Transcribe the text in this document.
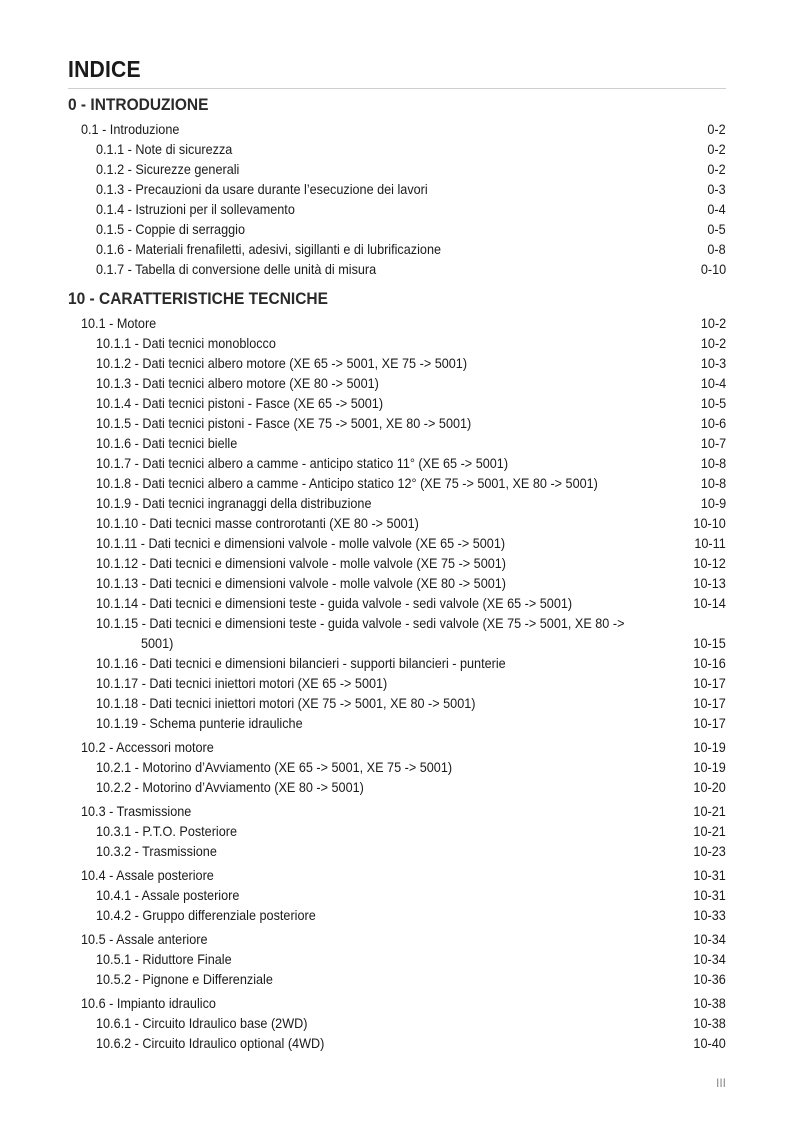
INDICE
0 - INTRODUZIONE
0.1 - Introduzione	0-2
0.1.1 - Note di sicurezza	0-2
0.1.2 - Sicurezze generali	0-2
0.1.3 - Precauzioni da usare durante l’esecuzione dei lavori	0-3
0.1.4 - Istruzioni per il sollevamento	0-4
0.1.5 - Coppie di serraggio	0-5
0.1.6 - Materiali frenafiletti, adesivi, sigillanti e di lubrificazione	0-8
0.1.7 - Tabella di conversione delle unità di misura	0-10
10 - CARATTERISTICHE TECNICHE
10.1 - Motore	10-2
10.1.1 - Dati tecnici monoblocco	10-2
10.1.2 - Dati tecnici albero motore (XE 65 -> 5001, XE 75 -> 5001)	10-3
10.1.3 - Dati tecnici albero motore (XE 80 -> 5001)	10-4
10.1.4 - Dati tecnici pistoni - Fasce (XE 65 -> 5001)	10-5
10.1.5 - Dati tecnici pistoni - Fasce (XE 75 -> 5001, XE 80 -> 5001)	10-6
10.1.6 - Dati tecnici bielle	10-7
10.1.7 - Dati tecnici albero a camme - anticipo statico 11° (XE 65 -> 5001)	10-8
10.1.8 - Dati tecnici albero a camme - Anticipo statico 12° (XE 75 -> 5001, XE 80 -> 5001)	10-8
10.1.9 - Dati tecnici ingranaggi della distribuzione	10-9
10.1.10 - Dati tecnici masse controrotanti (XE 80 -> 5001)	10-10
10.1.11 - Dati tecnici e dimensioni valvole - molle valvole (XE 65 -> 5001)	10-11
10.1.12 - Dati tecnici e dimensioni valvole - molle valvole (XE 75 -> 5001)	10-12
10.1.13 - Dati tecnici e dimensioni valvole - molle valvole (XE 80 -> 5001)	10-13
10.1.14 - Dati tecnici e dimensioni teste - guida valvole - sedi valvole (XE 65 -> 5001)	10-14
10.1.15 - Dati tecnici e dimensioni teste - guida valvole - sedi valvole (XE 75 -> 5001, XE 80 ->
5001)	10-15
10.1.16 - Dati tecnici e dimensioni bilancieri - supporti bilancieri - punterie	10-16
10.1.17 - Dati tecnici iniettori motori (XE 65 -> 5001)	10-17
10.1.18 - Dati tecnici iniettori motori (XE 75 -> 5001, XE 80 -> 5001)	10-17
10.1.19 - Schema punterie idrauliche	10-17
10.2 - Accessori motore	10-19
10.2.1 - Motorino d’Avviamento (XE 65 -> 5001, XE 75 -> 5001)	10-19
10.2.2 - Motorino d’Avviamento (XE 80 -> 5001)	10-20
10.3 - Trasmissione	10-21
10.3.1 - P.T.O. Posteriore	10-21
10.3.2 - Trasmissione	10-23
10.4 - Assale posteriore	10-31
10.4.1 - Assale posteriore	10-31
10.4.2 - Gruppo differenziale posteriore	10-33
10.5 - Assale anteriore	10-34
10.5.1 - Riduttore Finale	10-34
10.5.2 - Pignone e Differenziale	10-36
10.6 - Impianto idraulico	10-38
10.6.1 - Circuito Idraulico base (2WD)	10-38
10.6.2 - Circuito Idraulico optional (4WD)	10-40
III
